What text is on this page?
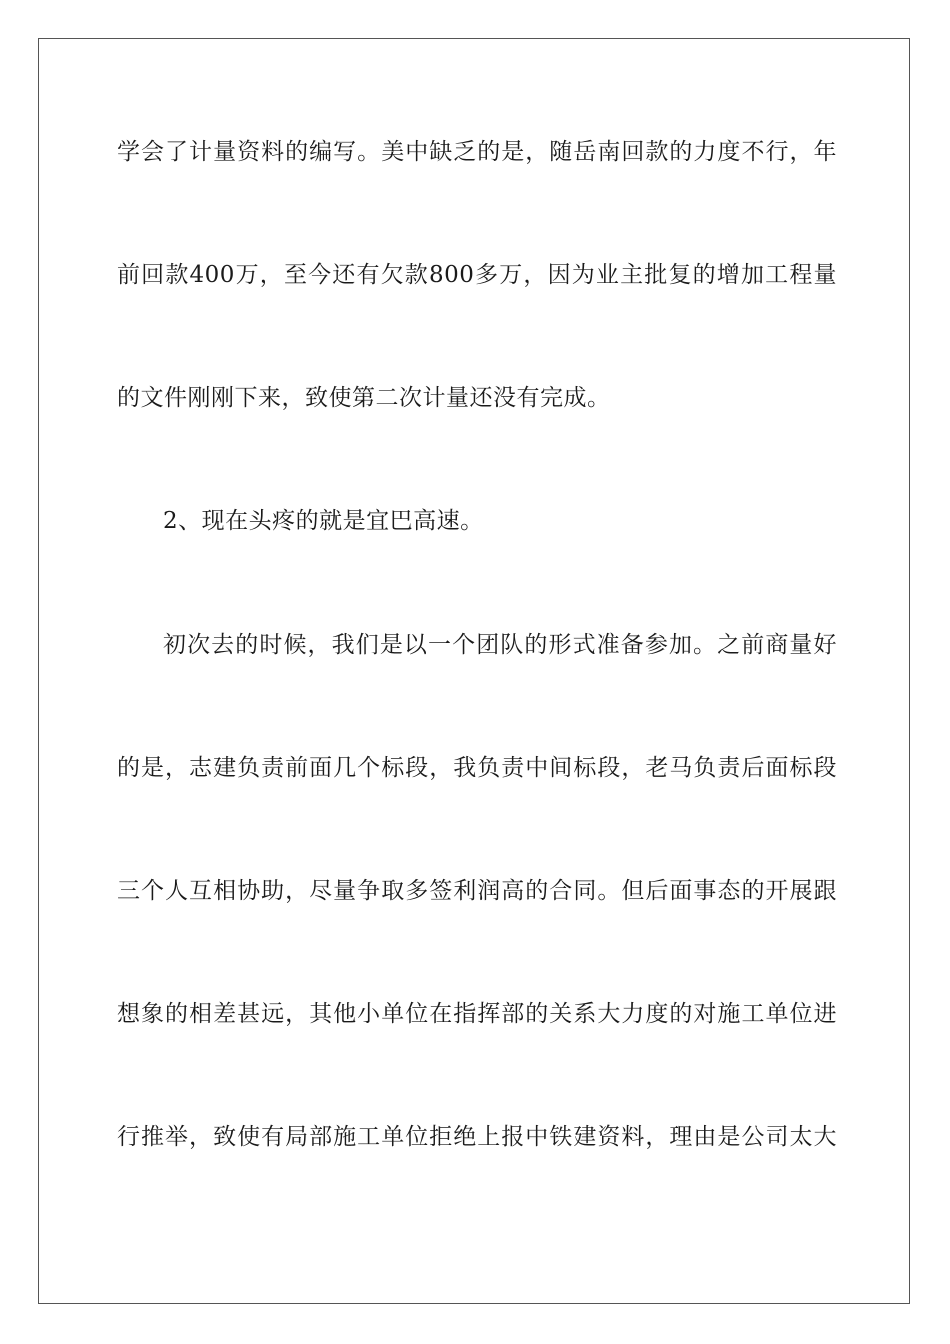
学会了计量资料的编写。美中缺乏的是，随岳南回款的力度不行，年
前回款400万，至今还有欠款800多万，因为业主批复的增加工程量
的文件刚刚下来，致使第二次计量还没有完成。
2、现在头疼的就是宜巴高速。
初次去的时候，我们是以一个团队的形式准备参加。之前商量好
的是，志建负责前面几个标段，我负责中间标段，老马负责后面标段
三个人互相协助，尽量争取多签利润高的合同。但后面事态的开展跟
想象的相差甚远，其他小单位在指挥部的关系大力度的对施工单位进
行推举，致使有局部施工单位拒绝上报中铁建资料，理由是公司太大
